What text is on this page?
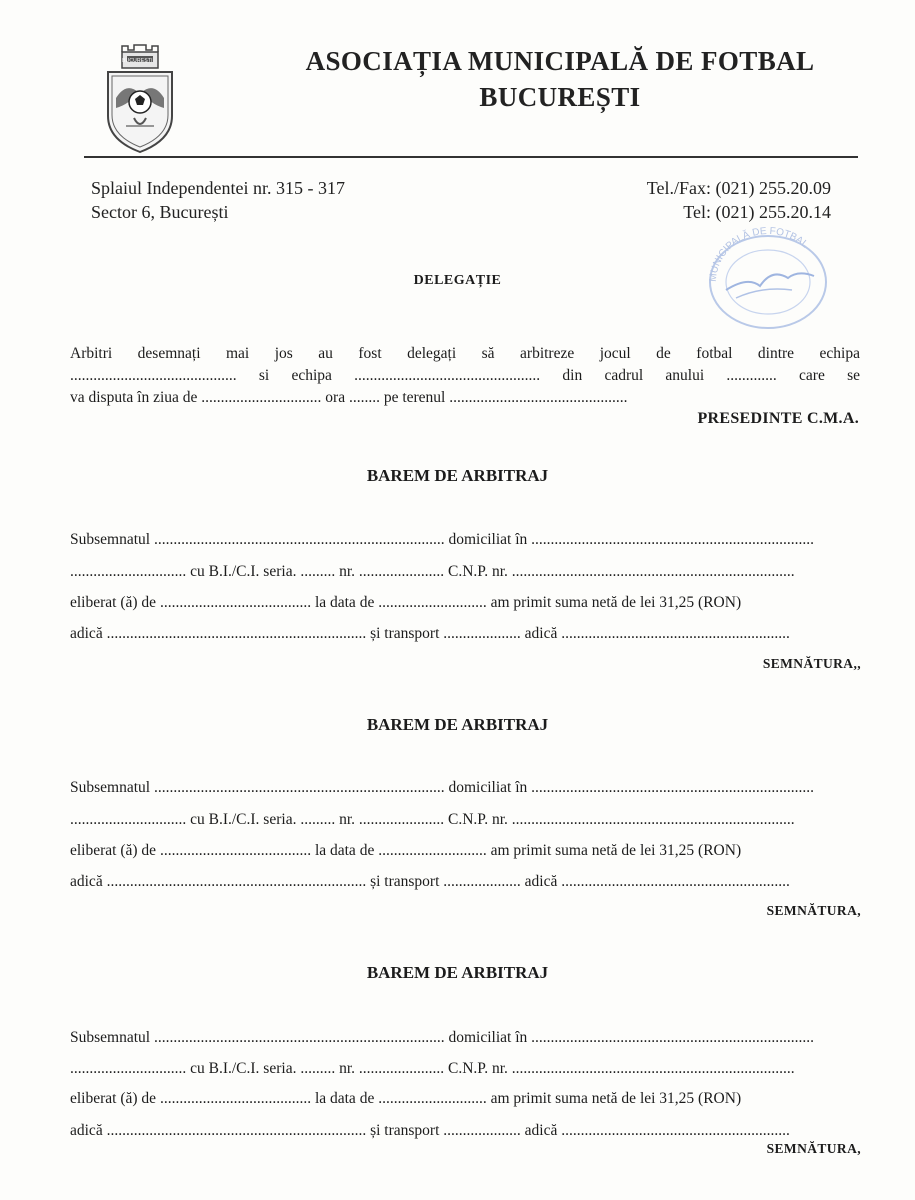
BUCUREȘTI	ASOCIAȚIA MUNICIPALĂ DE FOTBAL
BUCUREȘTI
Splaiul Independentei nr. 315 - 317
Sector 6, București
Tel./Fax: (021) 255.20.09
Tel: (021) 255.20.14
MUNICIPALĂ DE FOTBAL
DELEGAȚIE
Arbitri desemnați mai jos au fost delegați să arbitreze jocul de fotbal dintre echipa
........................................... si echipa ................................................ din cadrul anului ............. care se
va disputa în ziua de ............................... ora ........ pe terenul ..............................................
PRESEDINTE C.M.A.
BAREM DE ARBITRAJ
Subsemnatul
...........................................................................
domiciliat în
.........................................................................
..............................
cu B.I./C.I. seria.
.........
nr.
......................
C.N.P. nr.
.........................................................................
eliberat (ă) de
.......................................
la data de
............................
am primit suma netă de lei 31,25 (RON)
adică
...................................................................
și transport
....................
adică
...........................................................
SEMNĂTURA,,
BAREM DE ARBITRAJ
Subsemnatul
...........................................................................
domiciliat în
.........................................................................
..............................
cu B.I./C.I. seria.
.........
nr.
......................
C.N.P. nr.
.........................................................................
eliberat (ă) de
.......................................
la data de
............................
am primit suma netă de lei 31,25 (RON)
adică
...................................................................
și transport
....................
adică
...........................................................
SEMNĂTURA,
BAREM DE ARBITRAJ
Subsemnatul
...........................................................................
domiciliat în
.........................................................................
..............................
cu B.I./C.I. seria.
.........
nr.
......................
C.N.P. nr.
.........................................................................
eliberat (ă) de
.......................................
la data de
............................
am primit suma netă de lei 31,25 (RON)
adică
...................................................................
și transport
....................
adică
...........................................................
SEMNĂTURA,
